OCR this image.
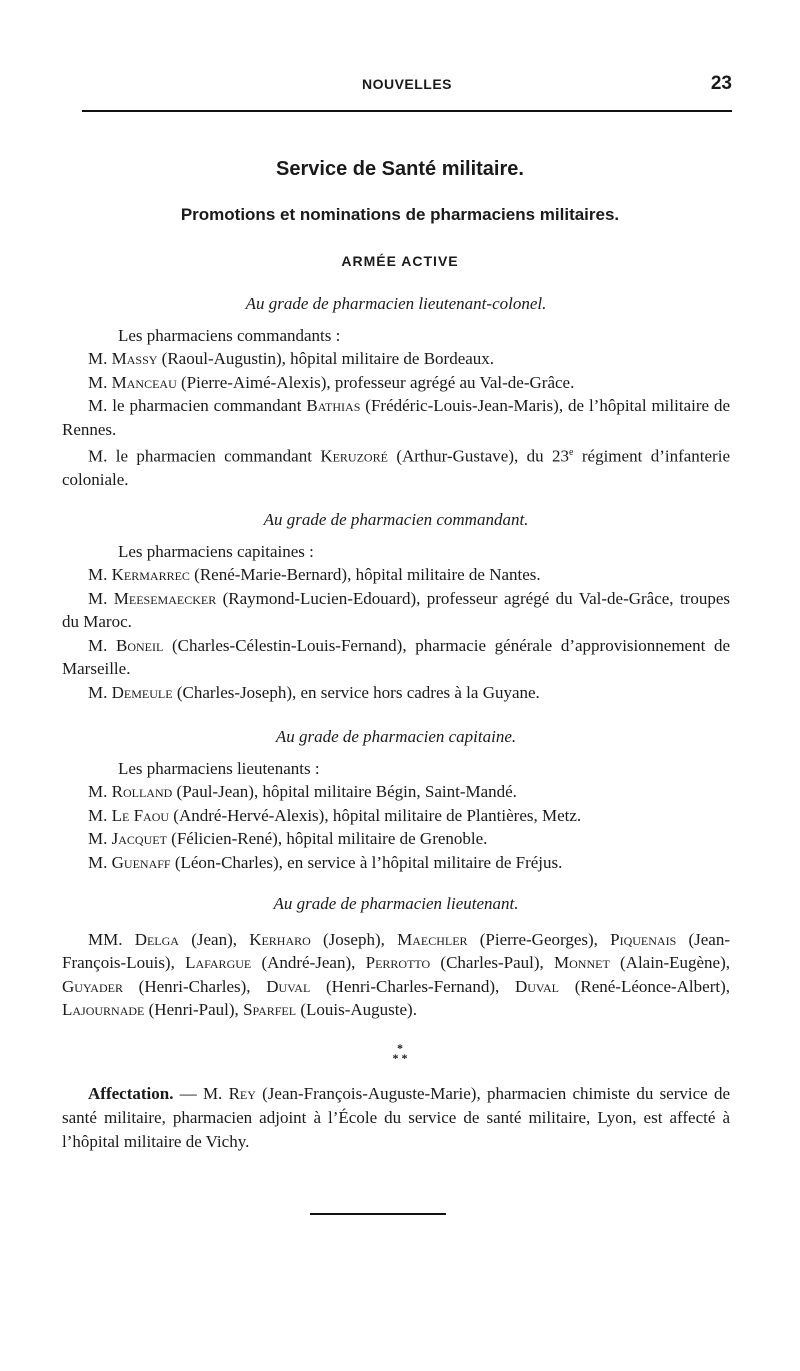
NOUVELLES	23
Service de Santé militaire.
Promotions et nominations de pharmaciens militaires.
ARMÉE ACTIVE
Au grade de pharmacien lieutenant-colonel.
Les pharmaciens commandants :
M. Massy (Raoul-Augustin), hôpital militaire de Bordeaux.
M. Manceau (Pierre-Aimé-Alexis), professeur agrégé au Val-de-Grâce.
M. le pharmacien commandant Bathias (Frédéric-Louis-Jean-Maris), de l’hôpital militaire de Rennes.
M. le pharmacien commandant Keruzoré (Arthur-Gustave), du 23e régiment d’infanterie coloniale.
Au grade de pharmacien commandant.
Les pharmaciens capitaines :
M. Kermarrec (René-Marie-Bernard), hôpital militaire de Nantes.
M. Meesemaecker (Raymond-Lucien-Edouard), professeur agrégé du Val-de-Grâce, troupes du Maroc.
M. Boneil (Charles-Célestin-Louis-Fernand), pharmacie générale d’approvisionnement de Marseille.
M. Demeule (Charles-Joseph), en service hors cadres à la Guyane.
Au grade de pharmacien capitaine.
Les pharmaciens lieutenants :
M. Rolland (Paul-Jean), hôpital militaire Bégin, Saint-Mandé.
M. Le Faou (André-Hervé-Alexis), hôpital militaire de Plantières, Metz.
M. Jacquet (Félicien-René), hôpital militaire de Grenoble.
M. Guenaff (Léon-Charles), en service à l’hôpital militaire de Fréjus.
Au grade de pharmacien lieutenant.
MM. Delga (Jean), Kerharo (Joseph), Maechler (Pierre-Georges), Piquenais (Jean-François-Louis), Lafargue (André-Jean), Perrotto (Charles-Paul), Monnet (Alain-Eugène), Guyader (Henri-Charles), Duval (Henri-Charles-Fernand), Duval (René-Léonce-Albert), Lajournade (Henri-Paul), Sparfel (Louis-Auguste).
*
* *
Affectation. — M. Rey (Jean-François-Auguste-Marie), pharmacien chimiste du service de santé militaire, pharmacien adjoint à l’École du service de santé militaire, Lyon, est affecté à l’hôpital militaire de Vichy.
